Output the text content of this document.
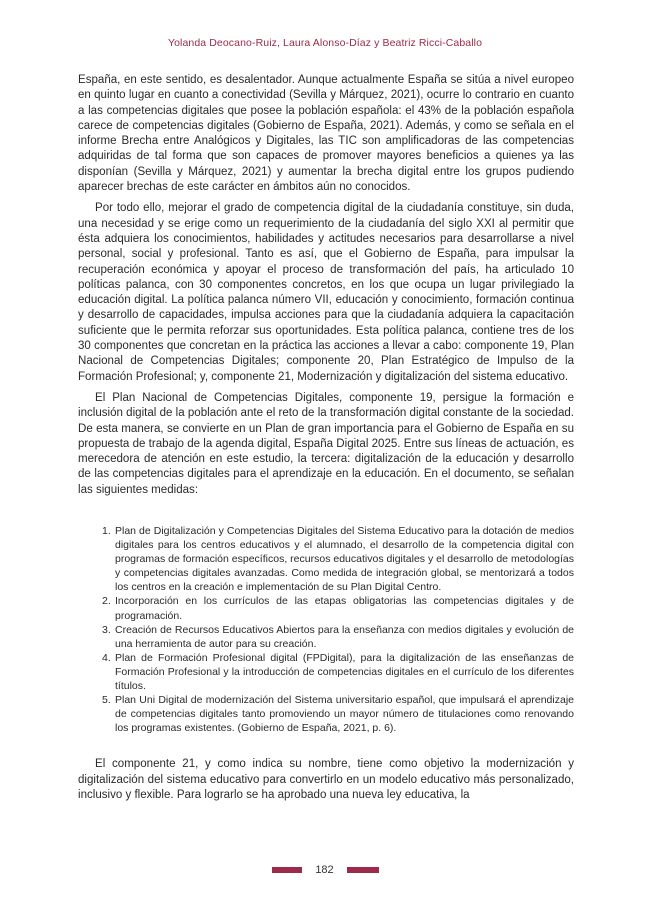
Yolanda Deocano-Ruiz, Laura Alonso-Díaz y Beatriz Ricci-Caballo

España, en este sentido, es desalentador. Aunque actualmente España se sitúa a nivel europeo en quinto lugar en cuanto a conectividad (Sevilla y Márquez, 2021), ocurre lo contrario en cuanto a las competencias digitales que posee la población española: el 43% de la población española carece de competencias digitales (Gobierno de España, 2021). Además, y como se señala en el informe Brecha entre Analógicos y Digitales, las TIC son amplificadoras de las competencias adquiridas de tal forma que son capaces de promover mayores beneficios a quienes ya las disponían (Sevilla y Márquez, 2021) y aumentar la brecha digital entre los grupos pudiendo aparecer brechas de este carácter en ámbitos aún no conocidos.

Por todo ello, mejorar el grado de competencia digital de la ciudadanía constituye, sin duda, una necesidad y se erige como un requerimiento de la ciudadanía del siglo XXI al permitir que ésta adquiera los conocimientos, habilidades y actitudes necesarios para desarrollarse a nivel personal, social y profesional. Tanto es así, que el Gobierno de España, para impulsar la recuperación económica y apoyar el proceso de transformación del país, ha articulado 10 políticas palanca, con 30 componentes concretos, en los que ocupa un lugar privilegiado la educación digital. La política palanca número VII, educación y conocimiento, formación continua y desarrollo de capacidades, impulsa acciones para que la ciudadanía adquiera la capacitación suficiente que le permita reforzar sus oportunidades. Esta política palanca, contiene tres de los 30 componentes que concretan en la práctica las acciones a llevar a cabo: componente 19, Plan Nacional de Competencias Digitales; componente 20, Plan Estratégico de Impulso de la Formación Profesional; y, componente 21, Modernización y digitalización del sistema educativo.

El Plan Nacional de Competencias Digitales, componente 19, persigue la formación e inclusión digital de la población ante el reto de la transformación digital constante de la sociedad. De esta manera, se convierte en un Plan de gran importancia para el Gobierno de España en su propuesta de trabajo de la agenda digital, España Digital 2025. Entre sus líneas de actuación, es merecedora de atención en este estudio, la tercera: digitalización de la educación y desarrollo de las competencias digitales para el aprendizaje en la educación. En el documento, se señalan las siguientes medidas:

1. Plan de Digitalización y Competencias Digitales del Sistema Educativo para la dotación de medios digitales para los centros educativos y el alumnado, el desarrollo de la competencia digital con programas de formación específicos, recursos educativos digitales y el desarrollo de metodologías y competencias digitales avanzadas. Como medida de integración global, se mentorizará a todos los centros en la creación e implementación de su Plan Digital Centro.
2. Incorporación en los currículos de las etapas obligatorias las competencias digitales y de programación.
3. Creación de Recursos Educativos Abiertos para la enseñanza con medios digitales y evolución de una herramienta de autor para su creación.
4. Plan de Formación Profesional digital (FPDigital), para la digitalización de las enseñanzas de Formación Profesional y la introducción de competencias digitales en el currículo de los diferentes títulos.
5. Plan Uni Digital de modernización del Sistema universitario español, que impulsará el aprendizaje de competencias digitales tanto promoviendo un mayor número de titulaciones como renovando los programas existentes. (Gobierno de España, 2021, p. 6).

El componente 21, y como indica su nombre, tiene como objetivo la modernización y digitalización del sistema educativo para convertirlo en un modelo educativo más personalizado, inclusivo y flexible. Para lograrlo se ha aprobado una nueva ley educativa, la

182
